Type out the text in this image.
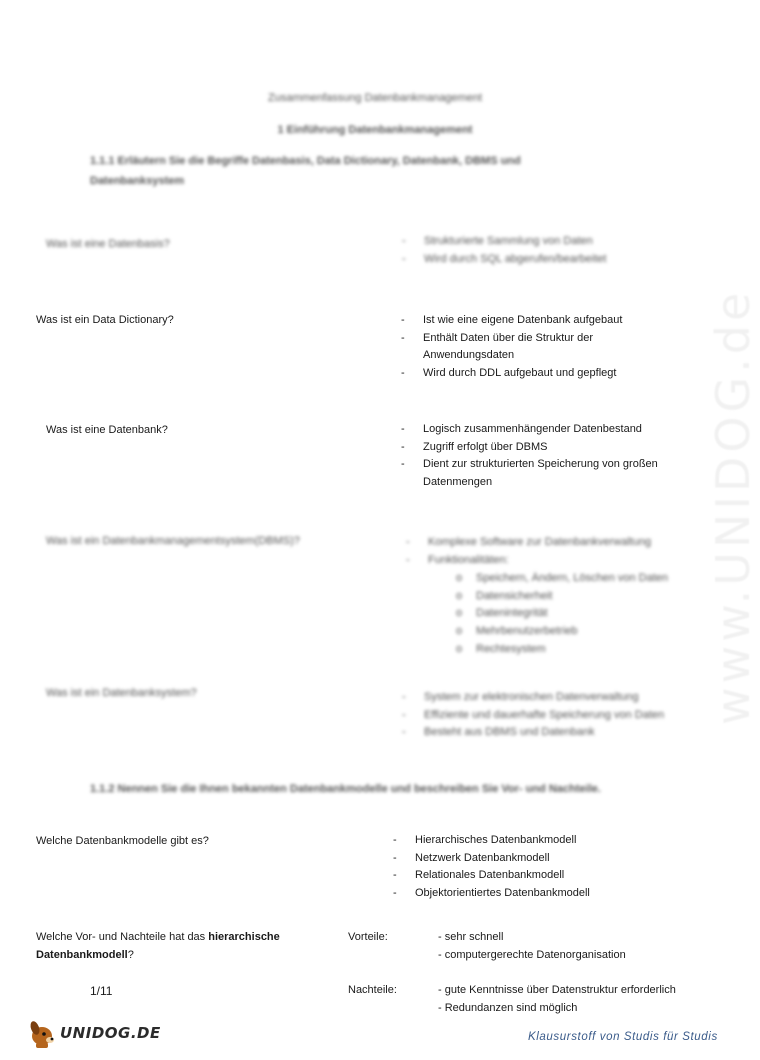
www.UNIDOG.de
Zusammenfassung Datenbankmanagement
1 Einführung Datenbankmanagement
1.1.1 Erläutern Sie die Begriffe Datenbasis, Data Dictionary, Datenbank, DBMS und Datenbanksystem
Was ist eine Datenbasis?	- Strukturierte Sammlung von Daten
- Wird durch SQL abgerufen/bearbeitet
Was ist ein Data Dictionary?	- Ist wie eine eigene Datenbank aufgebaut
- Enthält Daten über die Struktur der Anwendungsdaten
- Wird durch DDL aufgebaut und gepflegt
Was ist eine Datenbank?	- Logisch zusammenhängender Datenbestand
- Zugriff erfolgt über DBMS
- Dient zur strukturierten Speicherung von großen Datenmengen
Was ist ein Datenbankmanagementsystem(DBMS)?	- Komplexe Software zur Datenbankverwaltung
- Funktionalitäten:
o Speichern, Ändern, Löschen von Daten
o Datensicherheit
o Datenintegrität
o Mehrbenutzerbetrieb
o Rechtesystem
Was ist ein Datenbanksystem?	- System zur elektronischen Datenverwaltung
- Effiziente und dauerhafte Speicherung von Daten
- Besteht aus DBMS und Datenbank
1.1.2 Nennen Sie die Ihnen bekannten Datenbankmodelle und beschreiben Sie Vor- und Nachteile.
Welche Datenbankmodelle gibt es?	- Hierarchisches Datenbankmodell
- Netzwerk Datenbankmodell
- Relationales Datenbankmodell
- Objektorientiertes Datenbankmodell
Welche Vor- und Nachteile hat das hierarchische
Datenbankmodell?
Vorteile:	- sehr schnell
- computergerechte Datenorganisation
Nachteile:	- gute Kenntnisse über Datenstruktur erforderlich
- Redundanzen sind möglich
1/11
UNIDOG.DE	Klausurstoff von Studis für Studis
